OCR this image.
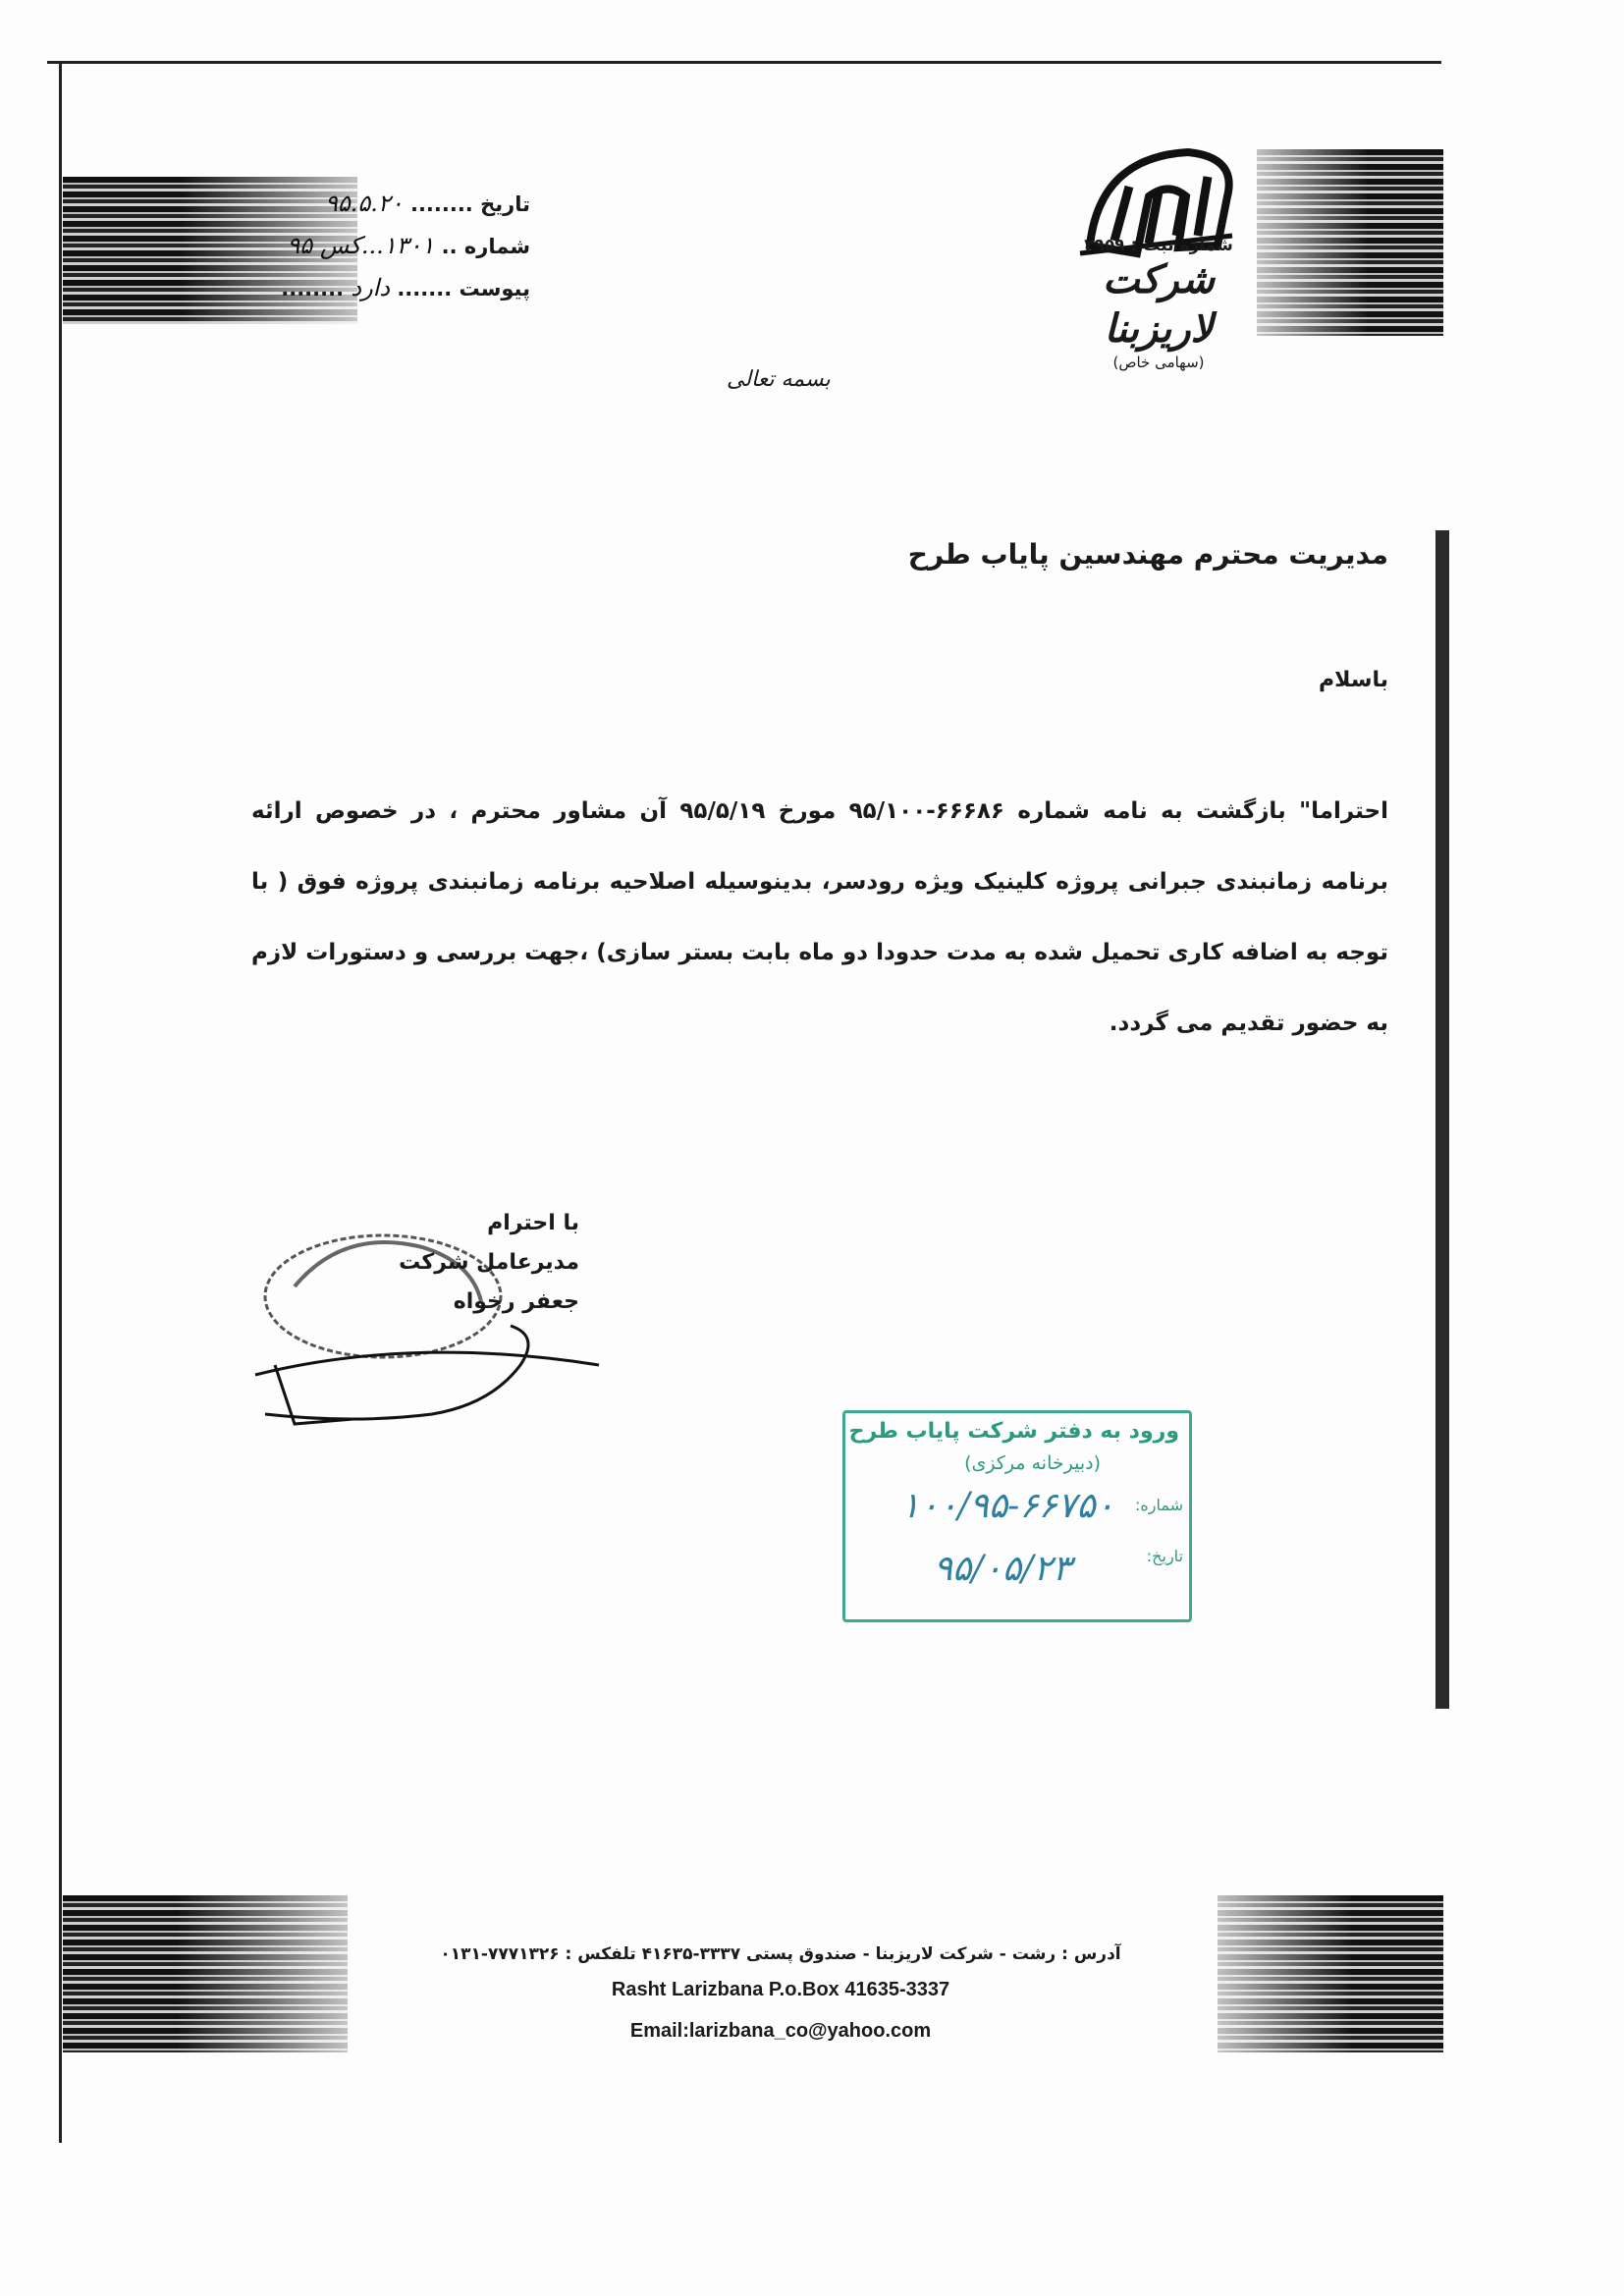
تاریخ ........ ۹۵.۵.۲۰
شماره .. ۱۳۰۱...کس ۹۵
پیوست ....... دارد ........
شماره ثبت : ۲۹۵۹
شرکت لاریزبنا
(سهامی خاص)
بسمه تعالی
مدیریت محترم مهندسین پایاب طرح
باسلام
احتراما" بازگشت به نامه شماره ۶۶۶۸۶-۹۵/۱۰۰ مورخ ۹۵/۵/۱۹ آن مشاور محترم ، در خصوص ارائه برنامه زمانبندی جبرانی پروژه کلینیک ویژه رودسر، بدینوسیله اصلاحیه برنامه زمانبندی پروژه فوق ( با توجه به اضافه کاری تحمیل شده به مدت حدودا دو ماه بابت بستر سازی) ،جهت بررسی و دستورات لازم به حضور تقدیم می گردد.
با احترام
مدیرعامل شرکت
جعفر رخواه
ورود به دفتر شرکت پایاب طرح
(دبیرخانه مرکزی)
شماره:
۱۰۰/۹۵-۶۶۷۵۰
تاریخ:
۹۵/۰۵/۲۳
آدرس : رشت - شرکت لاریزبنا - صندوق پستی ۳۳۳۷-۴۱۶۳۵ تلفکس : ۷۷۷۱۳۲۶-۰۱۳۱
Rasht Larizbana P.o.Box 41635-3337
Email:larizbana_co@yahoo.com
